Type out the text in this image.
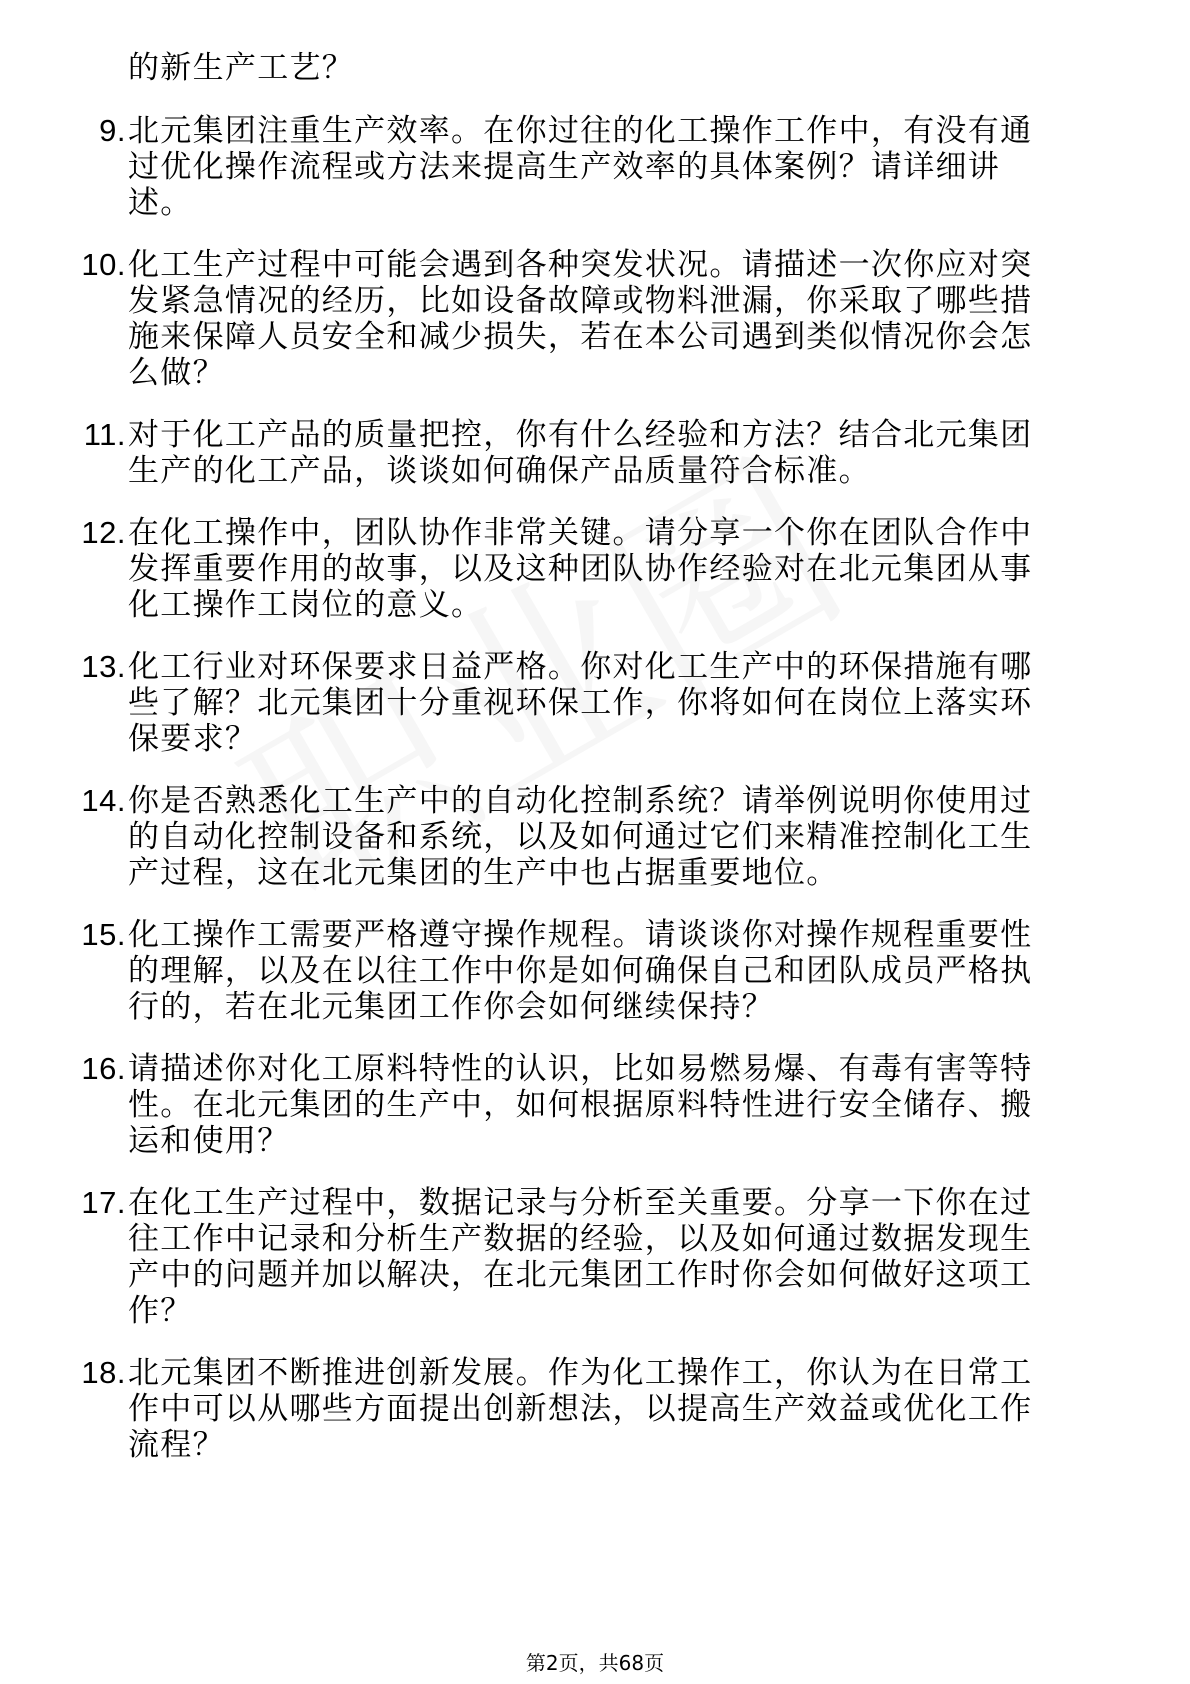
的新生产工艺？
9. 北元集团注重生产效率。在你过往的化工操作工作中，有没有通
过优化操作流程或方法来提高生产效率的具体案例？请详细讲
述。
10. 化工生产过程中可能会遇到各种突发状况。请描述一次你应对突
发紧急情况的经历，比如设备故障或物料泄漏，你采取了哪些措
施来保障人员安全和减少损失，若在本公司遇到类似情况你会怎
么做？
11. 对于化工产品的质量把控，你有什么经验和方法？结合北元集团
生产的化工产品，谈谈如何确保产品质量符合标准。
12. 在化工操作中，团队协作非常关键。请分享一个你在团队合作中
发挥重要作用的故事，以及这种团队协作经验对在北元集团从事
化工操作工岗位的意义。
13. 化工行业对环保要求日益严格。你对化工生产中的环保措施有哪
些了解？北元集团十分重视环保工作，你将如何在岗位上落实环
保要求？
14. 你是否熟悉化工生产中的自动化控制系统？请举例说明你使用过
的自动化控制设备和系统，以及如何通过它们来精准控制化工生
产过程，这在北元集团的生产中也占据重要地位。
15. 化工操作工需要严格遵守操作规程。请谈谈你对操作规程重要性
的理解，以及在以往工作中你是如何确保自己和团队成员严格执
行的，若在北元集团工作你会如何继续保持？
16. 请描述你对化工原料特性的认识，比如易燃易爆、有毒有害等特
性。在北元集团的生产中，如何根据原料特性进行安全储存、搬
运和使用？
17. 在化工生产过程中，数据记录与分析至关重要。分享一下你在过
往工作中记录和分析生产数据的经验，以及如何通过数据发现生
产中的问题并加以解决，在北元集团工作时你会如何做好这项工
作？
18. 北元集团不断推进创新发展。作为化工操作工，你认为在日常工
作中可以从哪些方面提出创新想法，以提高生产效益或优化工作
流程？
第2页，共68页
